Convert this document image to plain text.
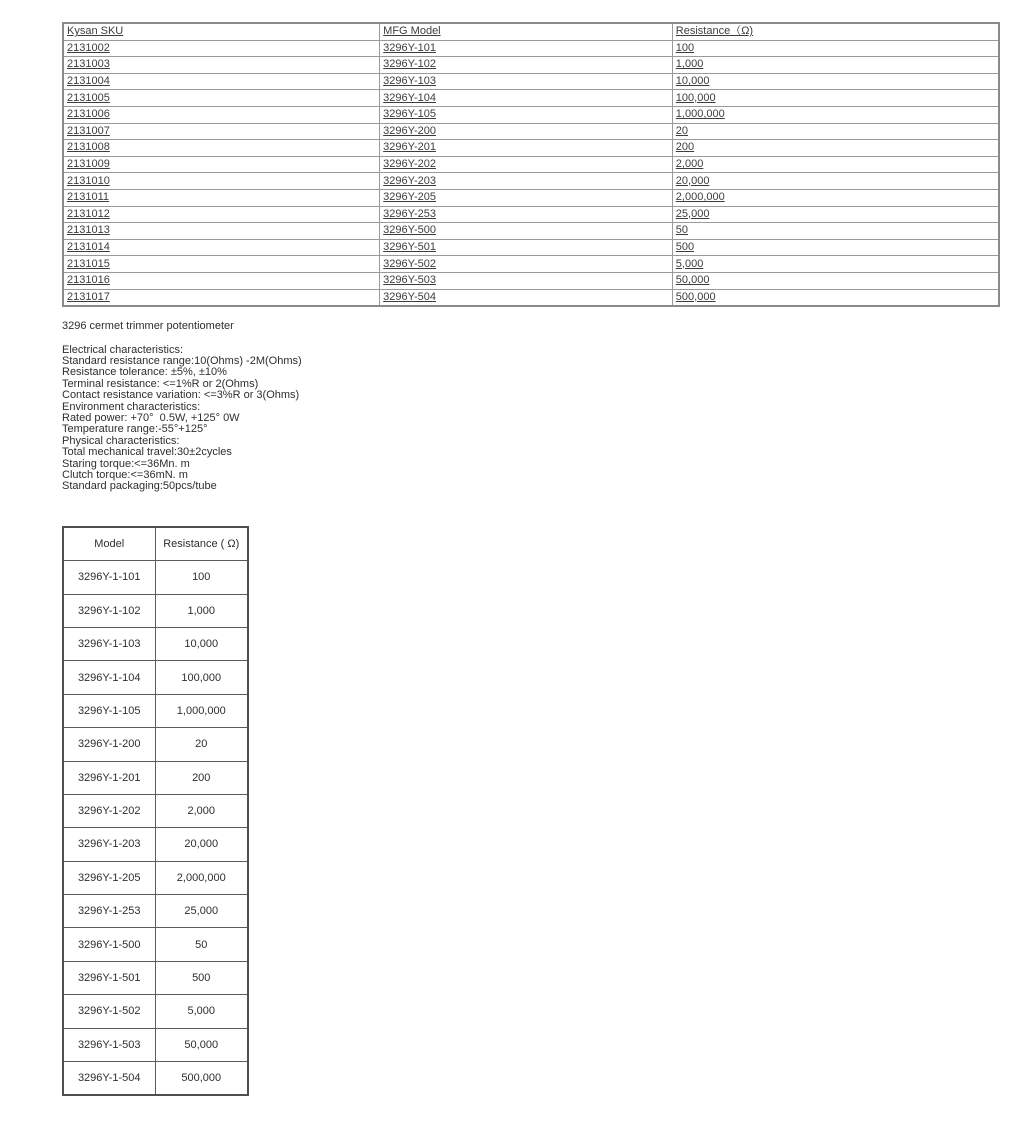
Kysan SKU	MFG Model	Resistance（Ω)
2131002	3296Y-101	100
2131003	3296Y-102	1,000
2131004	3296Y-103	10,000
2131005	3296Y-104	100,000
2131006	3296Y-105	1,000,000
2131007	3296Y-200	20
2131008	3296Y-201	200
2131009	3296Y-202	2,000
2131010	3296Y-203	20,000
2131011	3296Y-205	2,000,000
2131012	3296Y-253	25,000
2131013	3296Y-500	50
2131014	3296Y-501	500
2131015	3296Y-502	5,000
2131016	3296Y-503	50,000
2131017	3296Y-504	500,000

3296 cermet trimmer potentiometer

Electrical characteristics:
Standard resistance range:10(Ohms) -2M(Ohms)
Resistance tolerance: ±5%, ±10%
Terminal resistance: <=1%R or 2(Ohms)
Contact resistance variation: <=3%R or 3(Ohms)
Environment characteristics:
Rated power: +70°  0.5W, +125° 0W
Temperature range:-55°+125°
Physical characteristics:
Total mechanical travel:30±2cycles
Staring torque:<=36Mn. m
Clutch torque:<=36mN. m
Standard packaging:50pcs/tube
Model	Resistance ( Ω)
3296Y-1-101	100
3296Y-1-102	1,000
3296Y-1-103	10,000
3296Y-1-104	100,000
3296Y-1-105	1,000,000
3296Y-1-200	20
3296Y-1-201	200
3296Y-1-202	2,000
3296Y-1-203	20,000
3296Y-1-205	2,000,000
3296Y-1-253	25,000
3296Y-1-500	50
3296Y-1-501	500
3296Y-1-502	5,000
3296Y-1-503	50,000
3296Y-1-504	500,000
